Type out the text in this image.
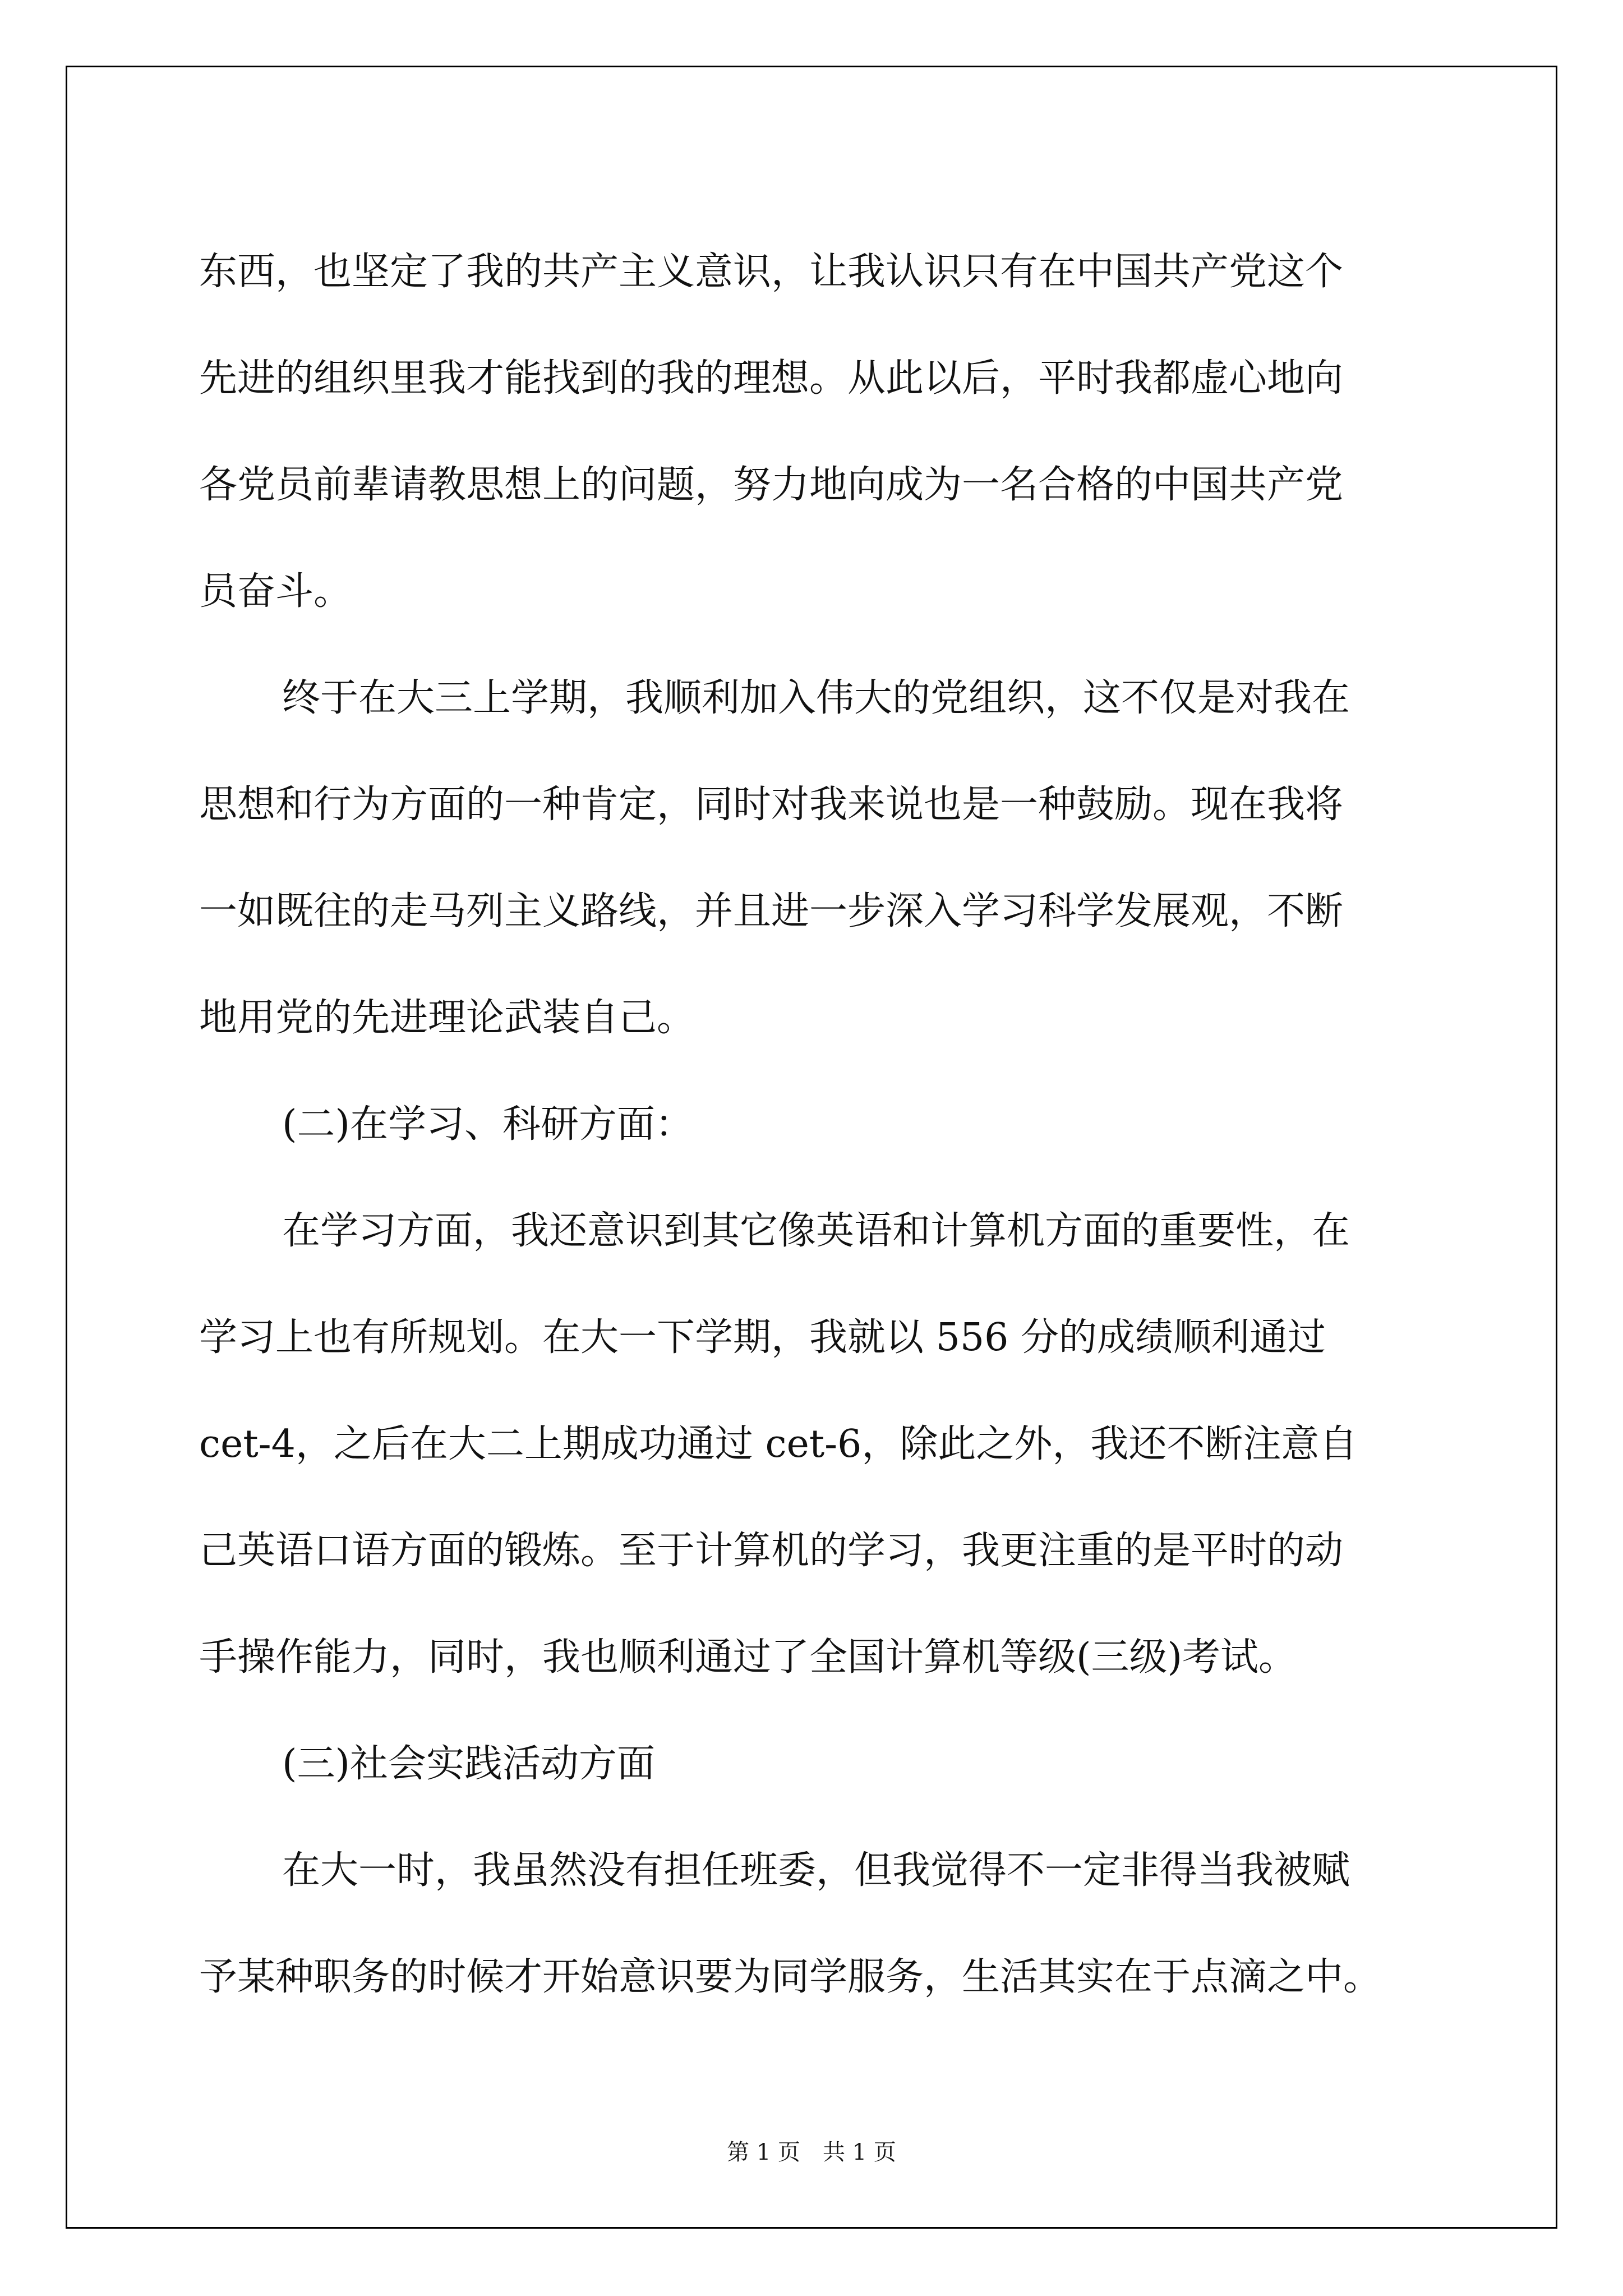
东西，也坚定了我的共产主义意识，让我认识只有在中国共产党这个
先进的组织里我才能找到的我的理想。从此以后，平时我都虚心地向
各党员前辈请教思想上的问题，努力地向成为一名合格的中国共产党
员奋斗。
终于在大三上学期，我顺利加入伟大的党组织，这不仅是对我在
思想和行为方面的一种肯定，同时对我来说也是一种鼓励。现在我将
一如既往的走马列主义路线，并且进一步深入学习科学发展观，不断
地用党的先进理论武装自己。
(二)在学习、科研方面：
在学习方面，我还意识到其它像英语和计算机方面的重要性，在
学习上也有所规划。在大一下学期，我就以 556 分的成绩顺利通过
cet-4，之后在大二上期成功通过 cet-6，除此之外，我还不断注意自
己英语口语方面的锻炼。至于计算机的学习，我更注重的是平时的动
手操作能力，同时，我也顺利通过了全国计算机等级(三级)考试。
(三)社会实践活动方面
在大一时，我虽然没有担任班委，但我觉得不一定非得当我被赋
予某种职务的时候才开始意识要为同学服务，生活其实在于点滴之中。
第 1 页　共 1 页
